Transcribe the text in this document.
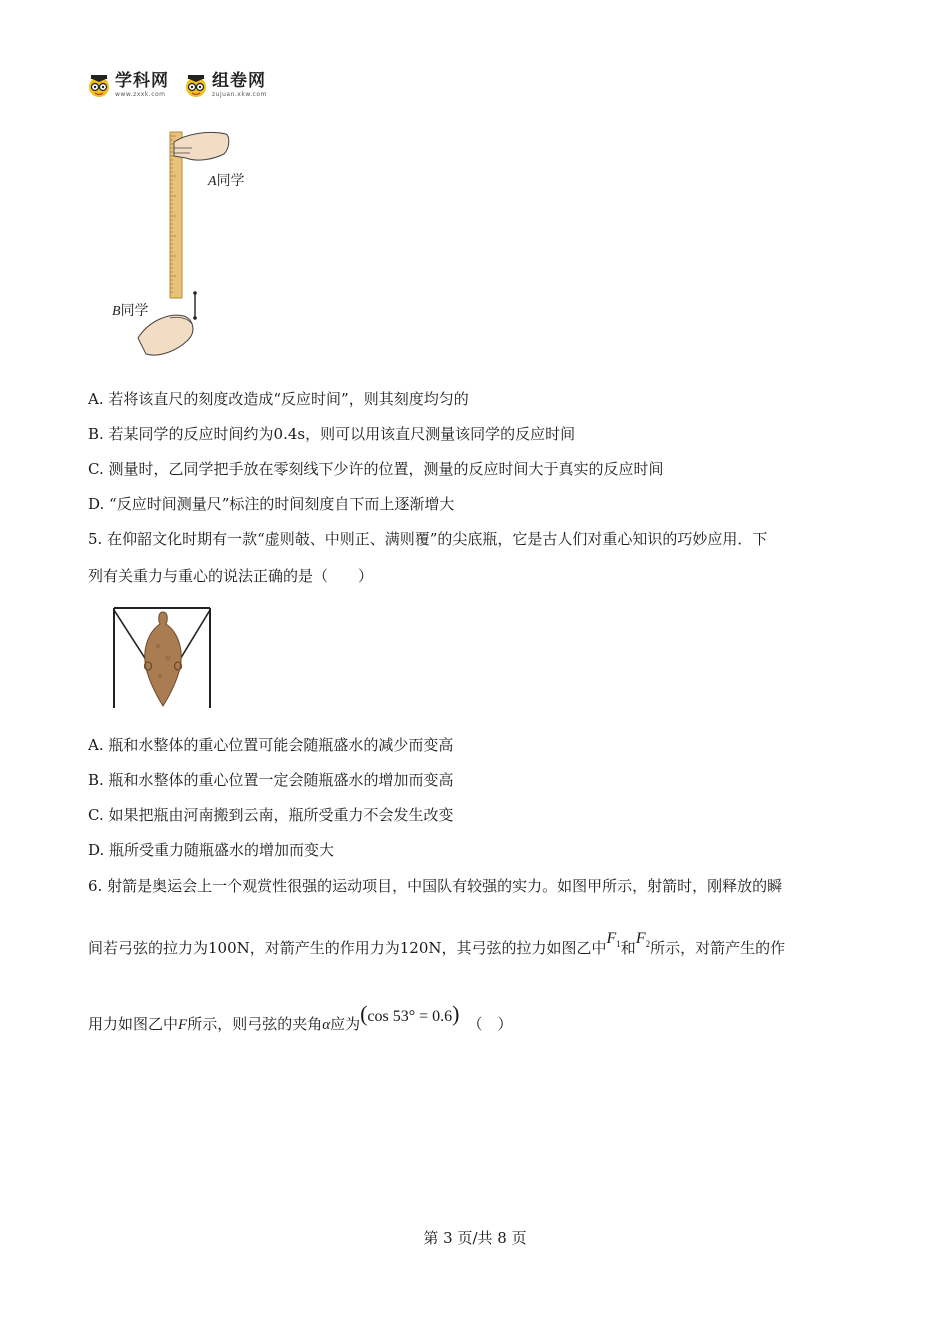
学科网
www.zxxk.com
组卷网
zujuan.xkw.com
A同学
B同学
A. 若将该直尺的刻度改造成“反应时间”，则其刻度均匀的
B. 若某同学的反应时间约为0.4s，则可以用该直尺测量该同学的反应时间
C. 测量时，乙同学把手放在零刻线下少许的位置，测量的反应时间大于真实的反应时间
D. “反应时间测量尺”标注的时间刻度自下而上逐渐增大
5. 在仰韶文化时期有一款“虚则攲、中则正、满则覆”的尖底瓶，它是古人们对重心知识的巧妙应用．下
列有关重力与重心的说法正确的是（　　）
A. 瓶和水整体的重心位置可能会随瓶盛水的减少而变高
B. 瓶和水整体的重心位置一定会随瓶盛水的增加而变高
C. 如果把瓶由河南搬到云南，瓶所受重力不会发生改变
D. 瓶所受重力随瓶盛水的增加而变大
6. 射箭是奥运会上一个观赏性很强的运动项目，中国队有较强的实力。如图甲所示，射箭时，刚释放的瞬
间若弓弦的拉力为100N，对箭产生的作用力为120N，其弓弦的拉力如图乙中$F_1$和$F_2$所示，对箭产生的作
用力如图乙中F所示，则弓弦的夹角α应为(cos 53° = 0.6) （　）
第 3 页/共 8 页
